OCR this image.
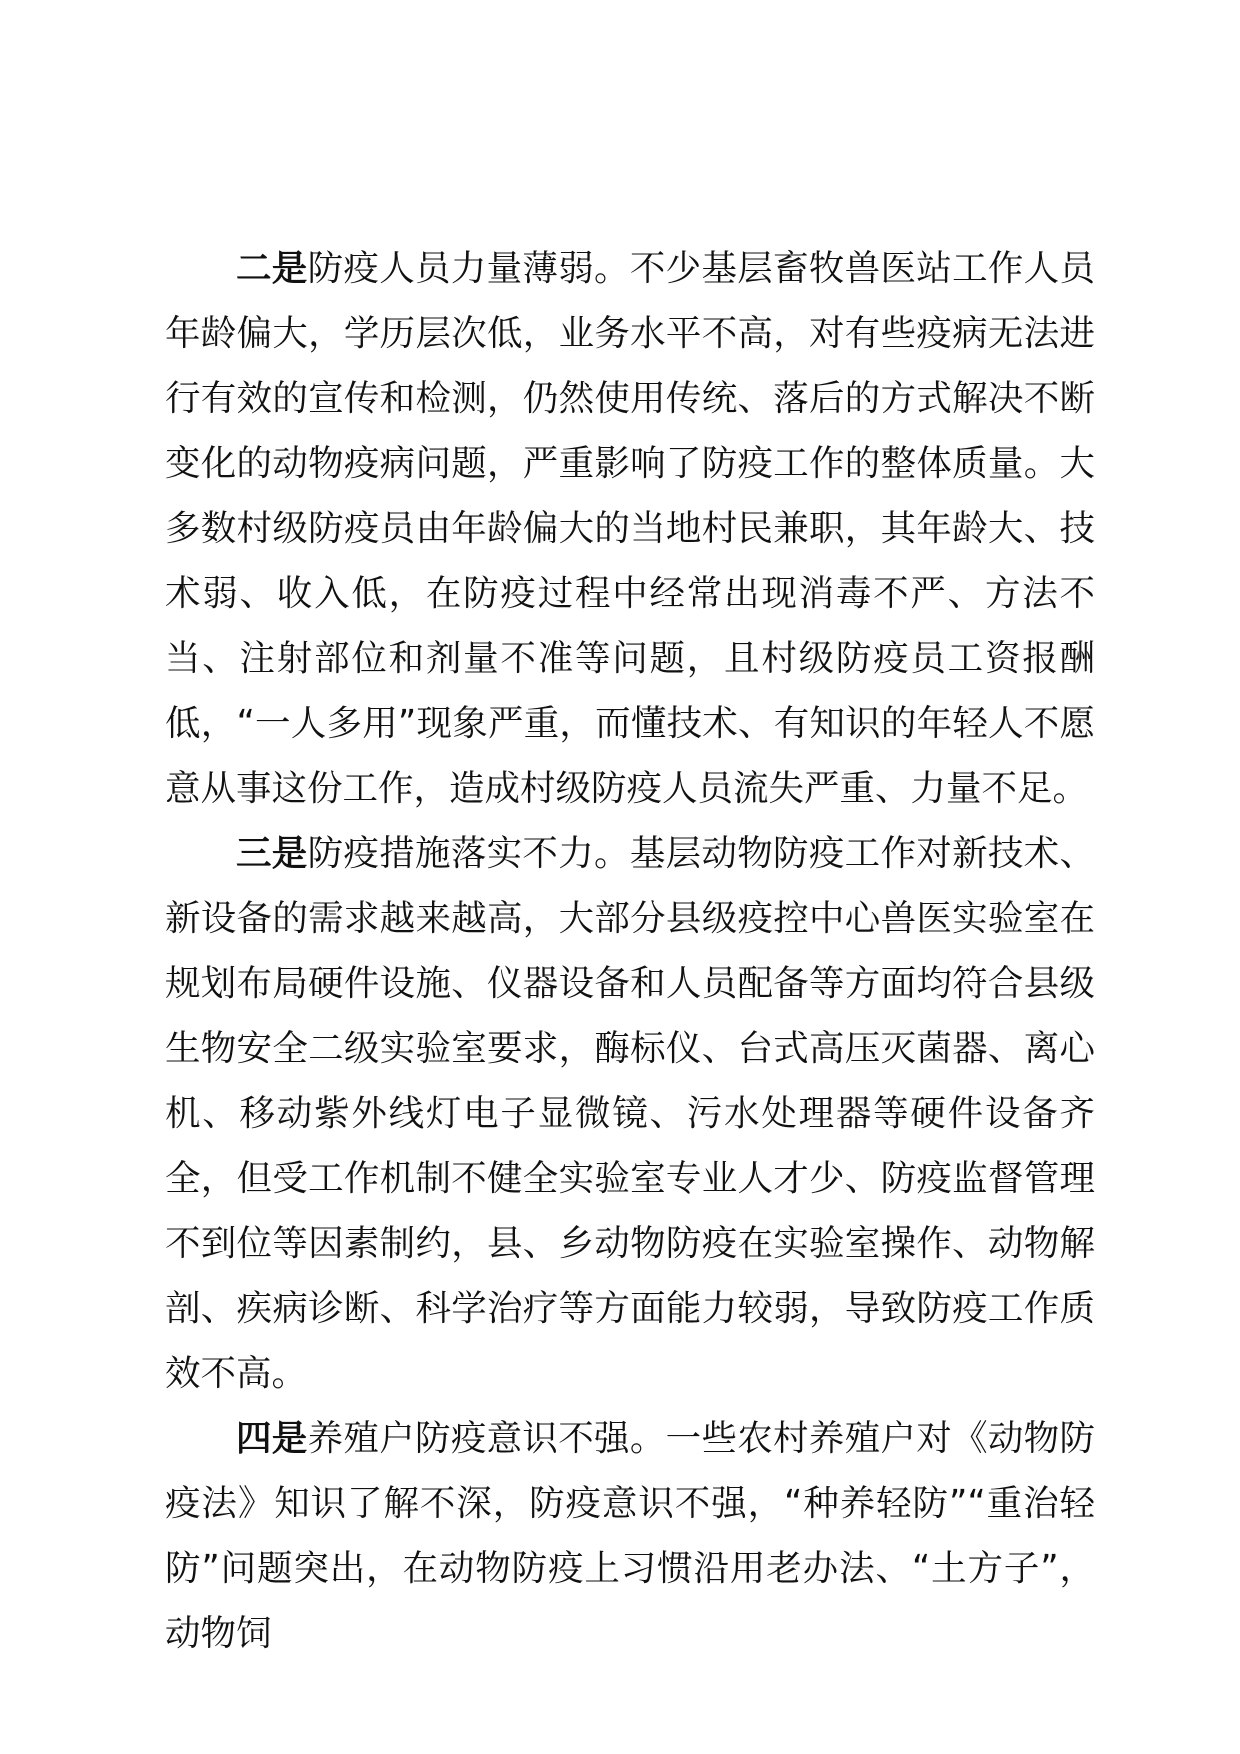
二是防疫人员力量薄弱。不少基层畜牧兽医站工作人员年龄偏大，学历层次低，业务水平不高，对有些疫病无法进行有效的宣传和检测，仍然使用传统、落后的方式解决不断变化的动物疫病问题，严重影响了防疫工作的整体质量。大多数村级防疫员由年龄偏大的当地村民兼职，其年龄大、技术弱、收入低，在防疫过程中经常出现消毒不严、方法不当、注射部位和剂量不准等问题，且村级防疫员工资报酬低，“一人多用”现象严重，而懂技术、有知识的年轻人不愿意从事这份工作，造成村级防疫人员流失严重、力量不足。

三是防疫措施落实不力。基层动物防疫工作对新技术、新设备的需求越来越高，大部分县级疫控中心兽医实验室在规划布局硬件设施、仪器设备和人员配备等方面均符合县级生物安全二级实验室要求，酶标仪、台式高压灭菌器、离心机、移动紫外线灯电子显微镜、污水处理器等硬件设备齐全，但受工作机制不健全实验室专业人才少、防疫监督管理不到位等因素制约，县、乡动物防疫在实验室操作、动物解剖、疾病诊断、科学治疗等方面能力较弱，导致防疫工作质效不高。

四是养殖户防疫意识不强。一些农村养殖户对《动物防疫法》知识了解不深，防疫意识不强，“种养轻防”“重治轻防”问题突出，在动物防疫上习惯沿用老办法、“土方子”，动物饲
